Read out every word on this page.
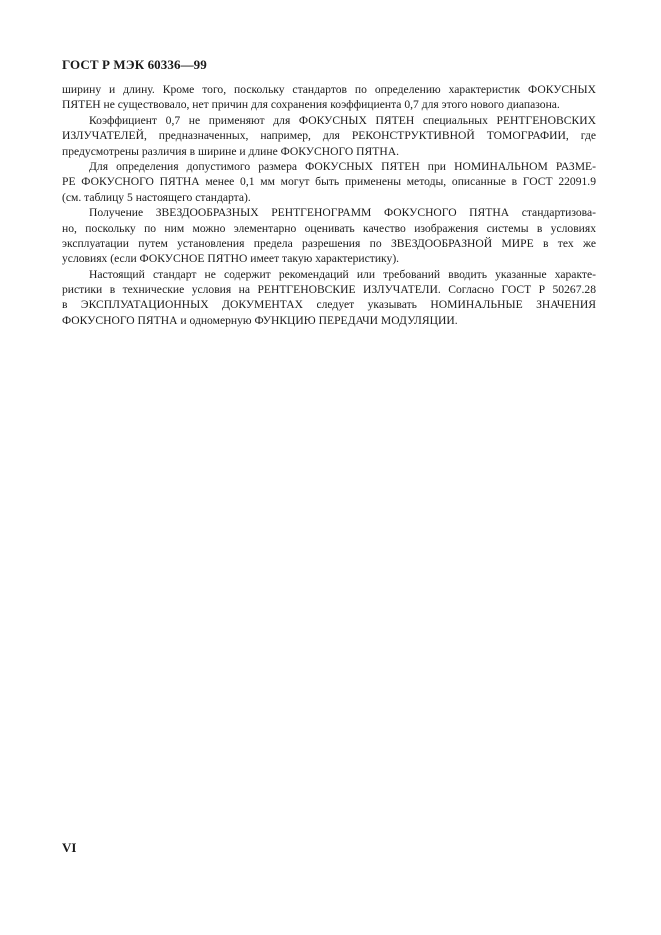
ГОСТ Р МЭК 60336—99
ширину и длину. Кроме того, поскольку стандартов по определению характеристик ФОКУСНЫХ
ПЯТЕН не существовало, нет причин для сохранения коэффициента 0,7 для этого нового диапазона.
Коэффициент 0,7 не применяют для ФОКУСНЫХ ПЯТЕН специальных РЕНТГЕНОВСКИХ
ИЗЛУЧАТЕЛЕЙ, предназначенных, например, для РЕКОНСТРУКТИВНОЙ ТОМОГРАФИИ, где
предусмотрены различия в ширине и длине ФОКУСНОГО ПЯТНА.
Для определения допустимого размера ФОКУСНЫХ ПЯТЕН при НОМИНАЛЬНОМ РАЗМЕ-
РЕ ФОКУСНОГО ПЯТНА менее 0,1 мм могут быть применены методы, описанные в ГОСТ 22091.9
(см. таблицу 5 настоящего стандарта).
Получение ЗВЕЗДООБРАЗНЫХ РЕНТГЕНОГРАММ ФОКУСНОГО ПЯТНА стандартизова-
но, поскольку по ним можно элементарно оценивать качество изображения системы в условиях
эксплуатации путем установления предела разрешения по ЗВЕЗДООБРАЗНОЙ МИРЕ в тех же
условиях (если ФОКУСНОЕ ПЯТНО имеет такую характеристику).
Настоящий стандарт не содержит рекомендаций или требований вводить указанные характе-
ристики в технические условия на РЕНТГЕНОВСКИЕ ИЗЛУЧАТЕЛИ. Согласно ГОСТ Р 50267.28
в ЭКСПЛУАТАЦИОННЫХ ДОКУМЕНТАХ следует указывать НОМИНАЛЬНЫЕ ЗНАЧЕНИЯ
ФОКУСНОГО ПЯТНА и одномерную ФУНКЦИЮ ПЕРЕДАЧИ МОДУЛЯЦИИ.
VI
